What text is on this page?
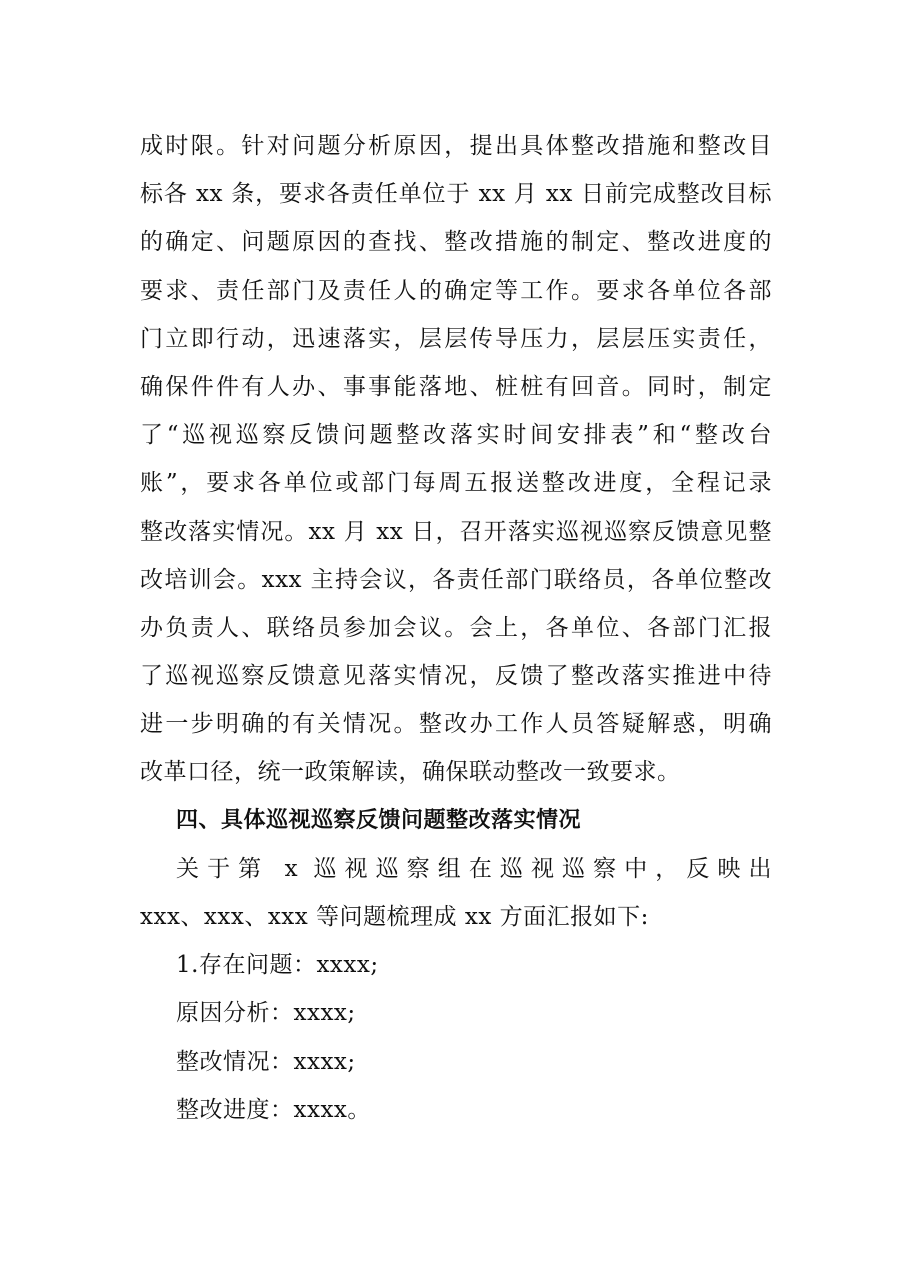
成时限。针对问题分析原因，提出具体整改措施和整改目
标各 xx 条，要求各责任单位于 xx 月 xx 日前完成整改目标
的确定、问题原因的查找、整改措施的制定、整改进度的
要求、责任部门及责任人的确定等工作。要求各单位各部
门立即行动，迅速落实，层层传导压力，层层压实责任，
确保件件有人办、事事能落地、桩桩有回音。同时，制定
了“巡视巡察反馈问题整改落实时间安排表”和“整改台
账”，要求各单位或部门每周五报送整改进度，全程记录
整改落实情况。xx 月 xx 日，召开落实巡视巡察反馈意见整
改培训会。xxx 主持会议，各责任部门联络员，各单位整改
办负责人、联络员参加会议。会上，各单位、各部门汇报
了巡视巡察反馈意见落实情况，反馈了整改落实推进中待
进一步明确的有关情况。整改办工作人员答疑解惑，明确
改革口径，统一政策解读，确保联动整改一致要求。
四、具体巡视巡察反馈问题整改落实情况
关于第 x 巡视巡察组在巡视巡察中，反映出
xxx、xxx、xxx 等问题梳理成 xx 方面汇报如下:
1.存在问题：xxxx;
原因分析：xxxx;
整改情况：xxxx;
整改进度：xxxx。
